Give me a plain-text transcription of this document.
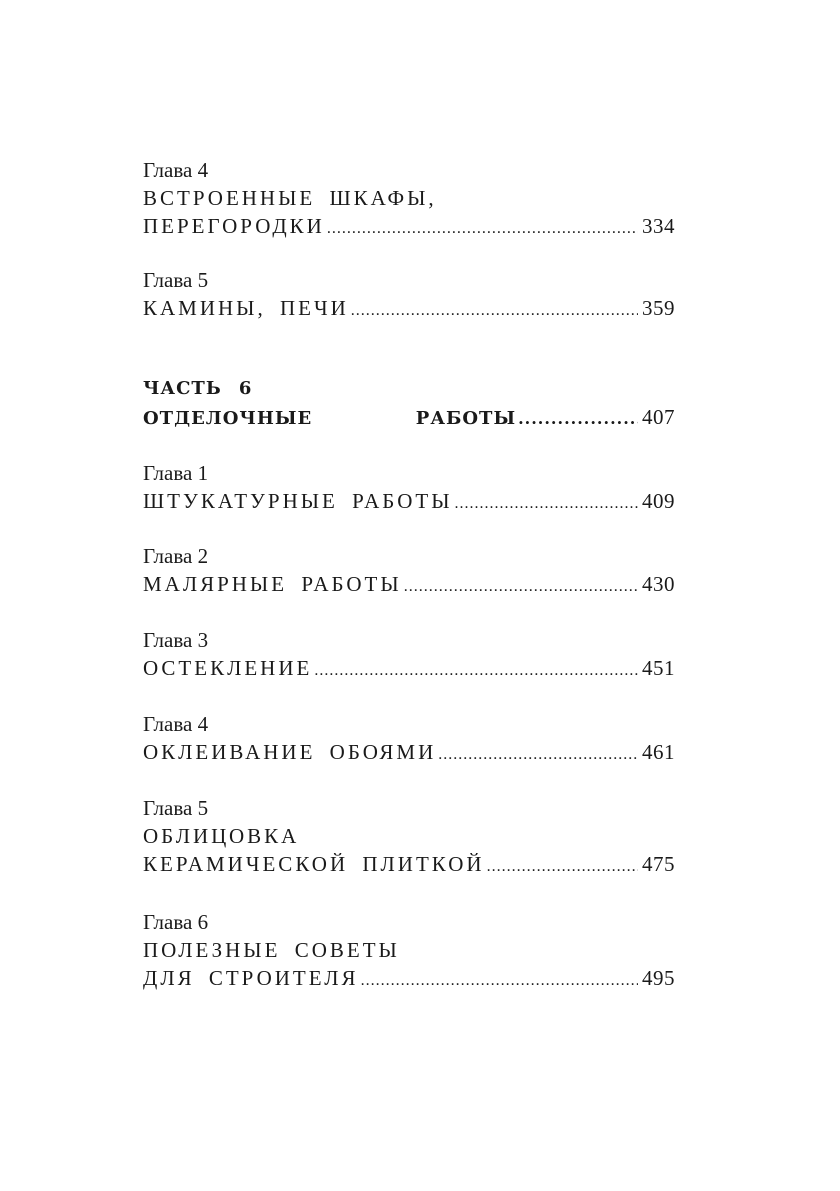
Глава 4
ВСТРОЕННЫЕ ШКАФЫ,
ПЕРЕГОРОДКИ .....	334
Глава 5
КАМИНЫ, ПЕЧИ .....	359
ЧАСТЬ 6
ОТДЕЛОЧНЫЕ      РАБОТЫ .....	407
Глава 1
ШТУКАТУРНЫЕ РАБОТЫ .....	409
Глава 2
МАЛЯРНЫЕ РАБОТЫ .....	430
Глава 3
ОСТЕКЛЕНИЕ .....	451
Глава 4
ОКЛЕИВАНИЕ ОБОЯМИ .....	461
Глава 5
ОБЛИЦОВКА
КЕРАМИЧЕСКОЙ ПЛИТКОЙ .....	475
Глава 6
ПОЛЕЗНЫЕ СОВЕТЫ
ДЛЯ СТРОИТЕЛЯ .....	495
